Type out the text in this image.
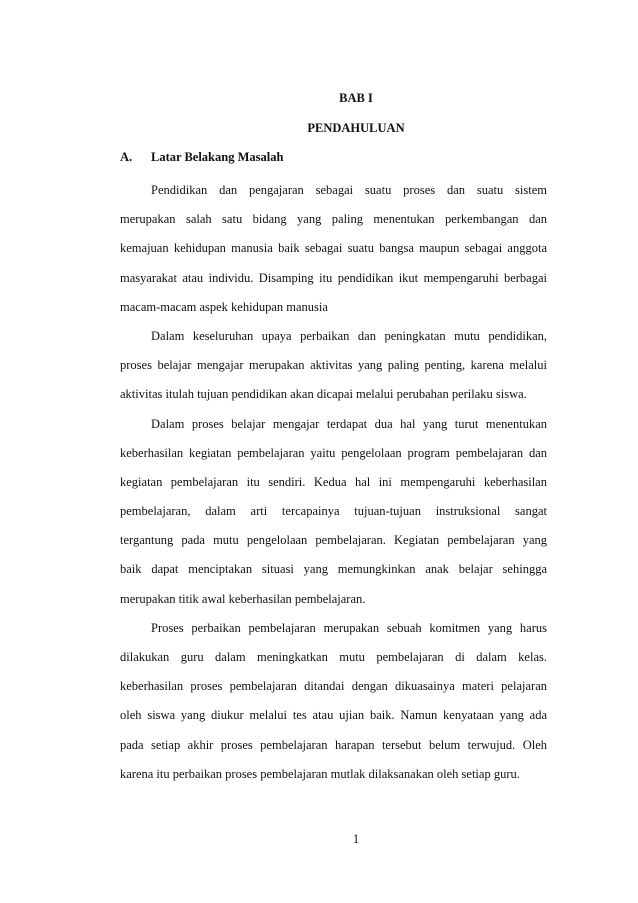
BAB I
PENDAHULUAN
A. Latar Belakang Masalah
Pendidikan dan pengajaran sebagai suatu proses dan suatu sistem
merupakan salah satu bidang yang paling menentukan perkembangan dan
kemajuan kehidupan manusia baik sebagai suatu bangsa maupun sebagai anggota
masyarakat atau individu. Disamping itu pendidikan ikut mempengaruhi berbagai
macam-macam aspek kehidupan manusia
Dalam keseluruhan upaya perbaikan dan peningkatan mutu pendidikan,
proses belajar mengajar merupakan aktivitas yang paling penting, karena melalui
aktivitas itulah tujuan pendidikan akan dicapai melalui perubahan perilaku siswa.
Dalam proses belajar mengajar terdapat dua hal yang turut menentukan
keberhasilan kegiatan pembelajaran yaitu pengelolaan program pembelajaran dan
kegiatan pembelajaran itu sendiri. Kedua hal ini mempengaruhi keberhasilan
pembelajaran, dalam arti tercapainya tujuan-tujuan instruksional sangat
tergantung pada mutu pengelolaan pembelajaran. Kegiatan pembelajaran yang
baik dapat menciptakan situasi yang memungkinkan anak belajar sehingga
merupakan titik awal keberhasilan pembelajaran.
Proses perbaikan pembelajaran merupakan sebuah komitmen yang harus
dilakukan guru dalam meningkatkan mutu pembelajaran di dalam kelas.
keberhasilan proses pembelajaran ditandai dengan dikuasainya materi pelajaran
oleh siswa yang diukur melalui tes atau ujian baik. Namun kenyataan yang ada
pada setiap akhir proses pembelajaran harapan tersebut belum terwujud. Oleh
karena itu perbaikan proses pembelajaran mutlak dilaksanakan oleh setiap guru.
1
